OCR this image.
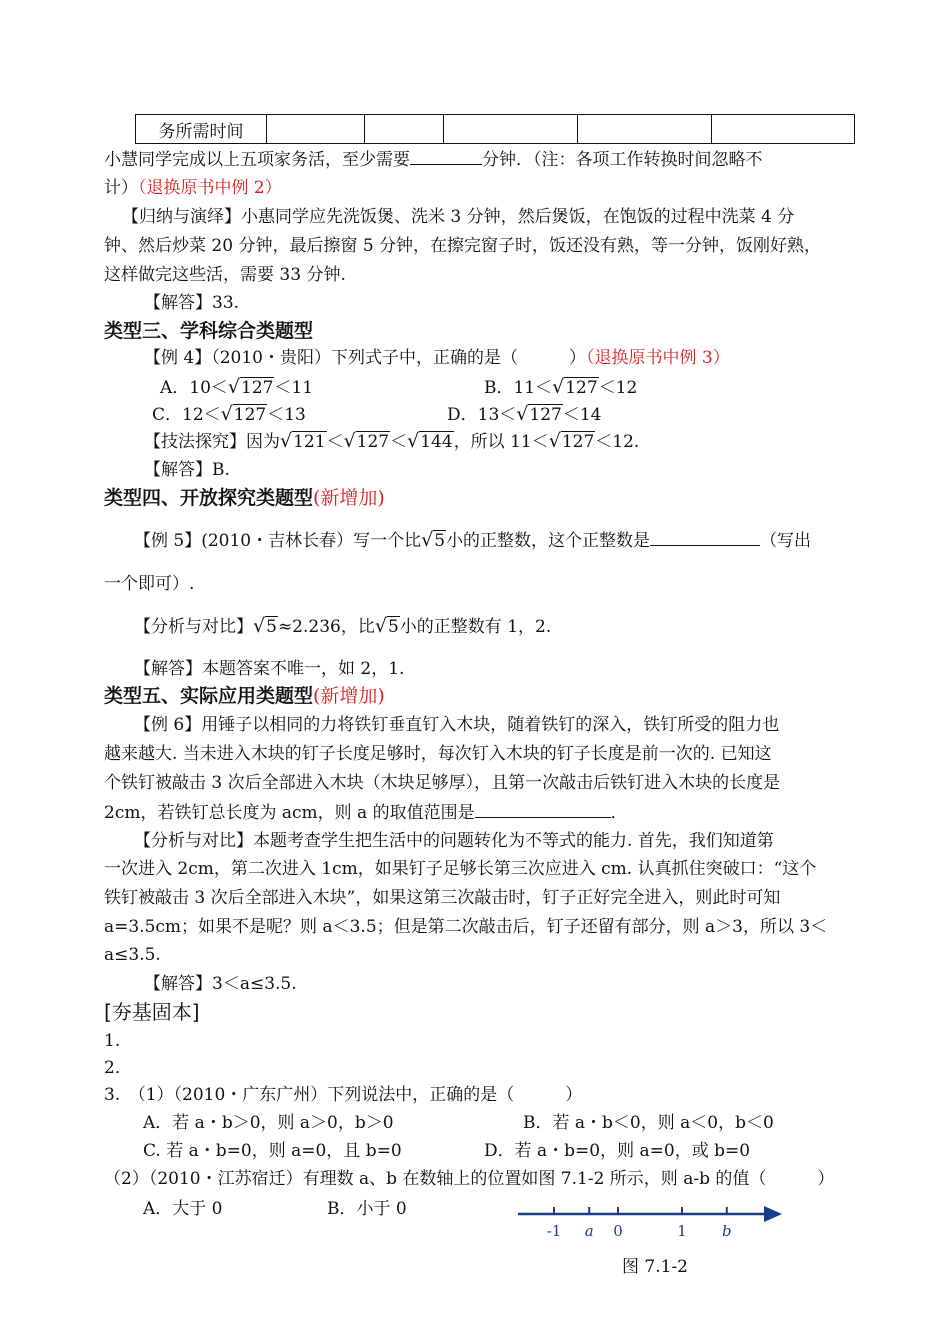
务所需时间					
小慧同学完成以上五项家务活，至少需要	分钟．（注：各项工作转换时间忽略不
计）（退换原书中例 2）
【归纳与演绎】小惠同学应先洗饭煲、洗米 3 分钟，然后煲饭，在饱饭的过程中洗菜 4 分
钟、然后炒菜 20 分钟，最后擦窗 5 分钟，在擦完窗子时，饭还没有熟，等一分钟，饭刚好熟，
这样做完这些活，需要 33 分钟.
【解答】33.
类型三、学科综合类题型
【例 4】（2010・贵阳）下列式子中，正确的是（　　　）（退换原书中例 3）
A．10＜√127＜11	B．11＜√127＜12
C．12＜√127＜13	D．13＜√127＜14
【技法探究】因为√121＜√127＜√144，所以 11＜√127＜12.
【解答】B.
类型四、开放探究类题型(新增加)
【例 5】(2010・吉林长春）写一个比√5小的正整数，这个正整数是	（写出
一个即可）.
【分析与对比】√5≈2.236，比√5小的正整数有 1，2.
【解答】本题答案不唯一，如 2，1.
类型五、实际应用类题型(新增加)
【例 6】用锤子以相同的力将铁钉垂直钉入木块，随着铁钉的深入，铁钉所受的阻力也
越来越大. 当未进入木块的钉子长度足够时，每次钉入木块的钉子长度是前一次的. 已知这
个铁钉被敲击 3 次后全部进入木块（木块足够厚），且第一次敲击后铁钉进入木块的长度是
2cm，若铁钉总长度为 acm，则 a 的取值范围是	．
【分析与对比】本题考查学生把生活中的问题转化为不等式的能力. 首先，我们知道第
一次进入 2cm，第二次进入 1cm，如果钉子足够长第三次应进入 cm. 认真抓住突破口：“这个
铁钉被敲击 3 次后全部进入木块”，如果这第三次敲击时，钉子正好完全进入，则此时可知
a=3.5cm；如果不是呢？则 a＜3.5；但是第二次敲击后，钉子还留有部分，则 a＞3，所以 3＜
a≤3.5.
【解答】3＜a≤3.5.
[夯基固本]
1.
2．
3.　（1）（2010・广东广州）下列说法中，正确的是（　　　）
A．若 a・b＞0，则 a＞0，b＞0	B．若 a・b＜0，则 a＜0，b＜0
C. 若 a・b=0，则 a=0，且 b=0	D．若 a・b=0，则 a=0，或 b=0
（2）（2010・江苏宿迁）有理数 a、b 在数轴上的位置如图 7.1-2 所示，则 a-b 的值（　　　）
A．大于 0	B．小于 0
-1 a 0	1 b
图 7.1-2
